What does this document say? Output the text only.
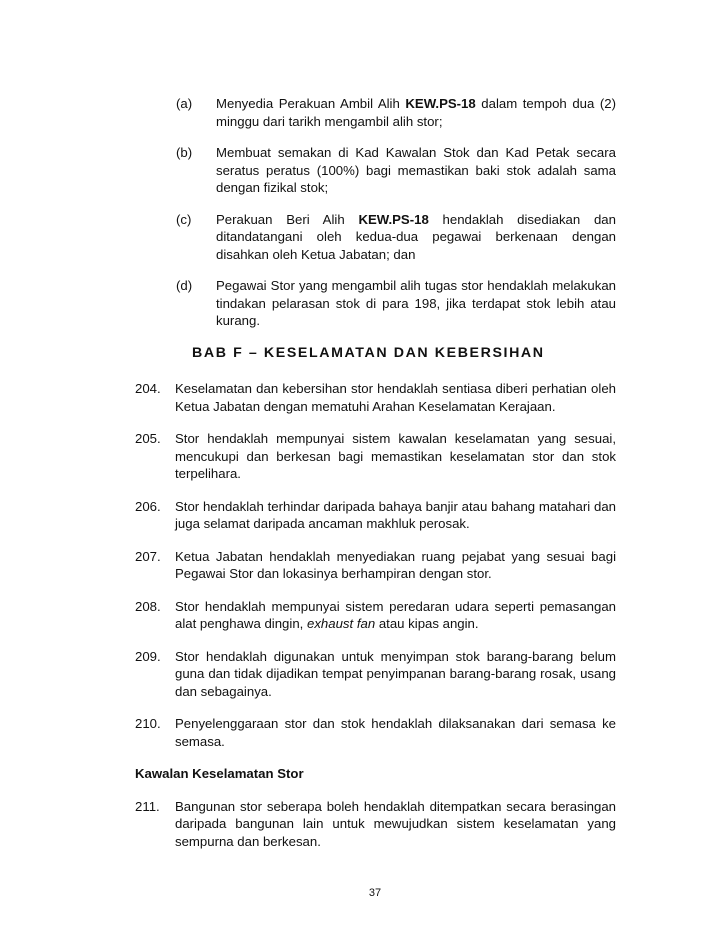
(a)	Menyedia Perakuan Ambil Alih KEW.PS-18 dalam tempoh dua (2) minggu dari tarikh mengambil alih stor;
(b)	Membuat semakan di Kad Kawalan Stok dan Kad Petak secara seratus peratus (100%) bagi memastikan baki stok adalah sama dengan fizikal stok;
(c)	Perakuan Beri Alih KEW.PS-18 hendaklah disediakan dan ditandatangani oleh kedua-dua pegawai berkenaan dengan disahkan oleh Ketua Jabatan; dan
(d)	Pegawai Stor yang mengambil alih tugas stor hendaklah melakukan tindakan pelarasan stok di para 198, jika terdapat stok lebih atau kurang.
BAB F – KESELAMATAN DAN KEBERSIHAN
204.	Keselamatan dan kebersihan stor hendaklah sentiasa diberi perhatian oleh Ketua Jabatan dengan mematuhi Arahan Keselamatan Kerajaan.
205.	Stor hendaklah mempunyai sistem kawalan keselamatan yang sesuai, mencukupi dan berkesan bagi memastikan keselamatan stor dan stok terpelihara.
206.	Stor hendaklah terhindar daripada bahaya banjir atau bahang matahari dan juga selamat daripada ancaman makhluk perosak.
207.	Ketua Jabatan hendaklah menyediakan ruang pejabat yang sesuai bagi Pegawai Stor dan lokasinya berhampiran dengan stor.
208.	Stor hendaklah mempunyai sistem peredaran udara seperti pemasangan alat penghawa dingin, exhaust fan atau kipas angin.
209.	Stor hendaklah digunakan untuk menyimpan stok barang-barang belum guna dan tidak dijadikan tempat penyimpanan barang-barang rosak, usang dan sebagainya.
210.	Penyelenggaraan stor dan stok hendaklah dilaksanakan dari semasa ke semasa.
Kawalan Keselamatan Stor
211.	Bangunan stor seberapa boleh hendaklah ditempatkan secara berasingan daripada bangunan lain untuk mewujudkan sistem keselamatan yang sempurna dan berkesan.
37
